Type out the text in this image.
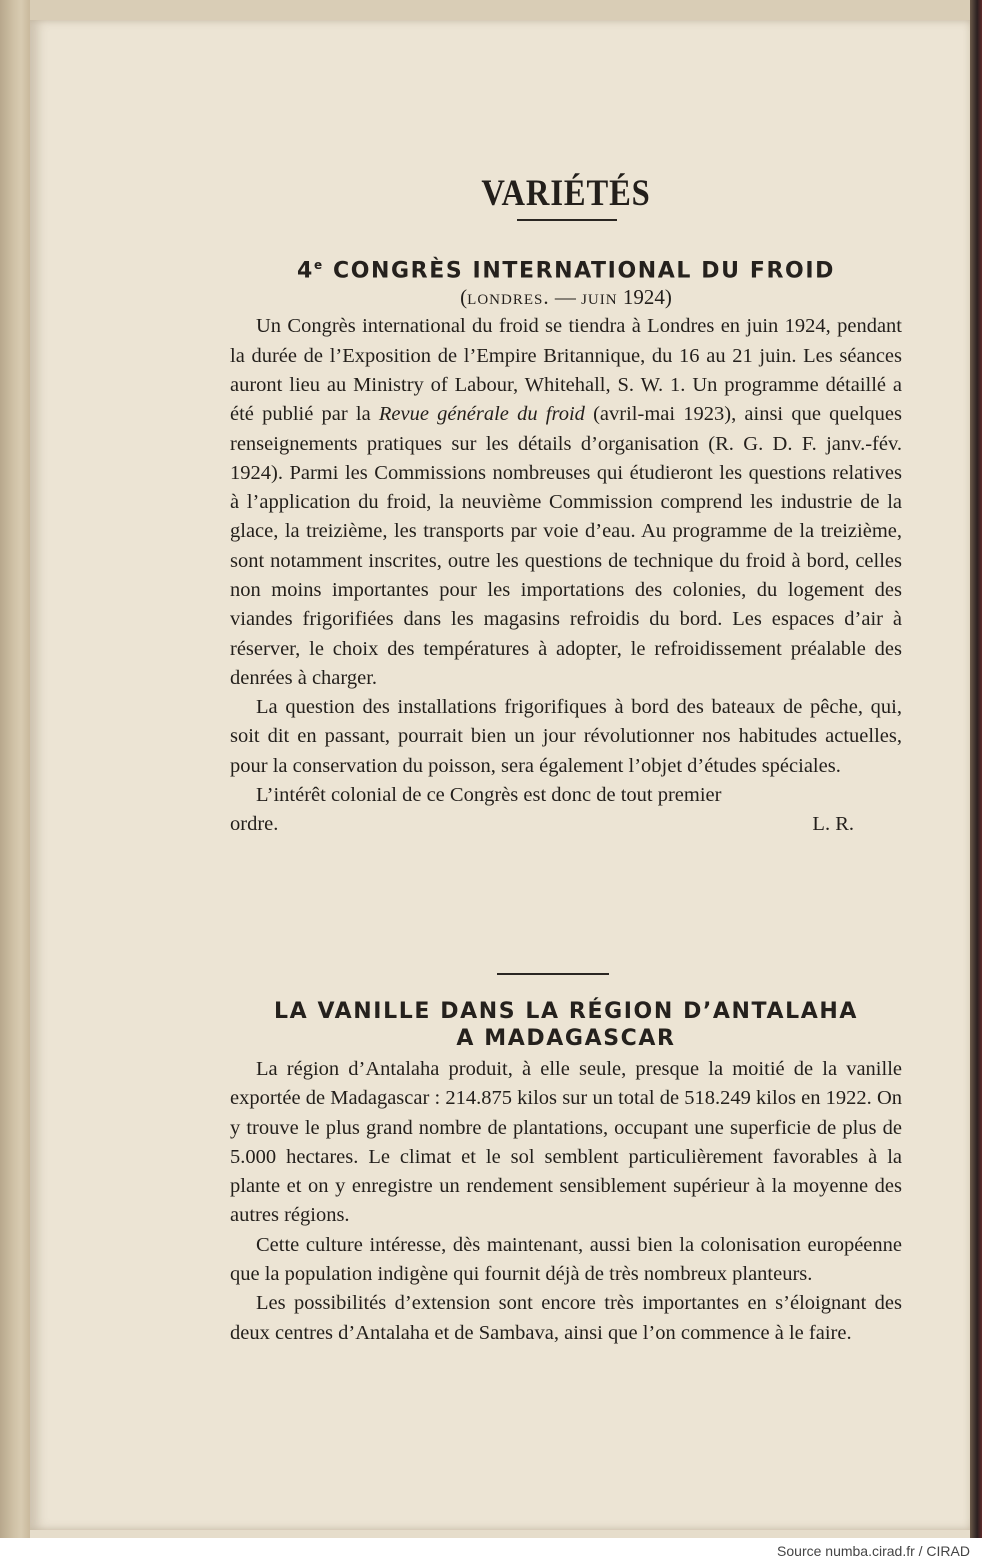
VARIÉTÉS
4e CONGRÈS INTERNATIONAL DU FROID
(londres. — juin 1924)

Un Congrès international du froid se tiendra à Londres en juin 1924, pendant la durée de l’Exposition de l’Empire Britannique, du 16 au 21 juin. Les séances auront lieu au Ministry of Labour, Whitehall, S. W. 1. Un programme détaillé a été publié par la Revue générale du froid (avril-mai 1923), ainsi que quelques renseignements pratiques sur les détails d’organisation (R. G. D. F. janv.-fév. 1924). Parmi les Commissions nombreuses qui étudieront les questions relatives à l’application du froid, la neuvième Commission comprend les industrie de la glace, la treizième, les transports par voie d’eau. Au programme de la treizième, sont notamment inscrites, outre les questions de technique du froid à bord, celles non moins importantes pour les importations des colonies, du logement des viandes frigorifiées dans les magasins refroidis du bord. Les espaces d’air à réserver, le choix des températures à adopter, le refroidissement préalable des denrées à charger.

La question des installations frigorifiques à bord des bateaux de pêche, qui, soit dit en passant, pourrait bien un jour révolutionner nos habitudes actuelles, pour la conservation du poisson, sera également l’objet d’études spéciales.

L’intérêt colonial de ce Congrès est donc de tout premier

ordre.	L. R.
LA VANILLE DANS LA RÉGION D’ANTALAHA
A MADAGASCAR

La région d’Antalaha produit, à elle seule, presque la moitié de la vanille exportée de Madagascar : 214.875 kilos sur un total de 518.249 kilos en 1922. On y trouve le plus grand nombre de plantations, occupant une superficie de plus de 5.000 hectares. Le climat et le sol semblent particulièrement favorables à la plante et on y enregistre un rendement sensiblement supérieur à la moyenne des autres régions.

Cette culture intéresse, dès maintenant, aussi bien la colonisation européenne que la population indigène qui fournit déjà de très nombreux planteurs.

Les possibilités d’extension sont encore très importantes en s’éloignant des deux centres d’Antalaha et de Sambava, ainsi que l’on commence à le faire.

Source numba.cirad.fr / CIRAD
